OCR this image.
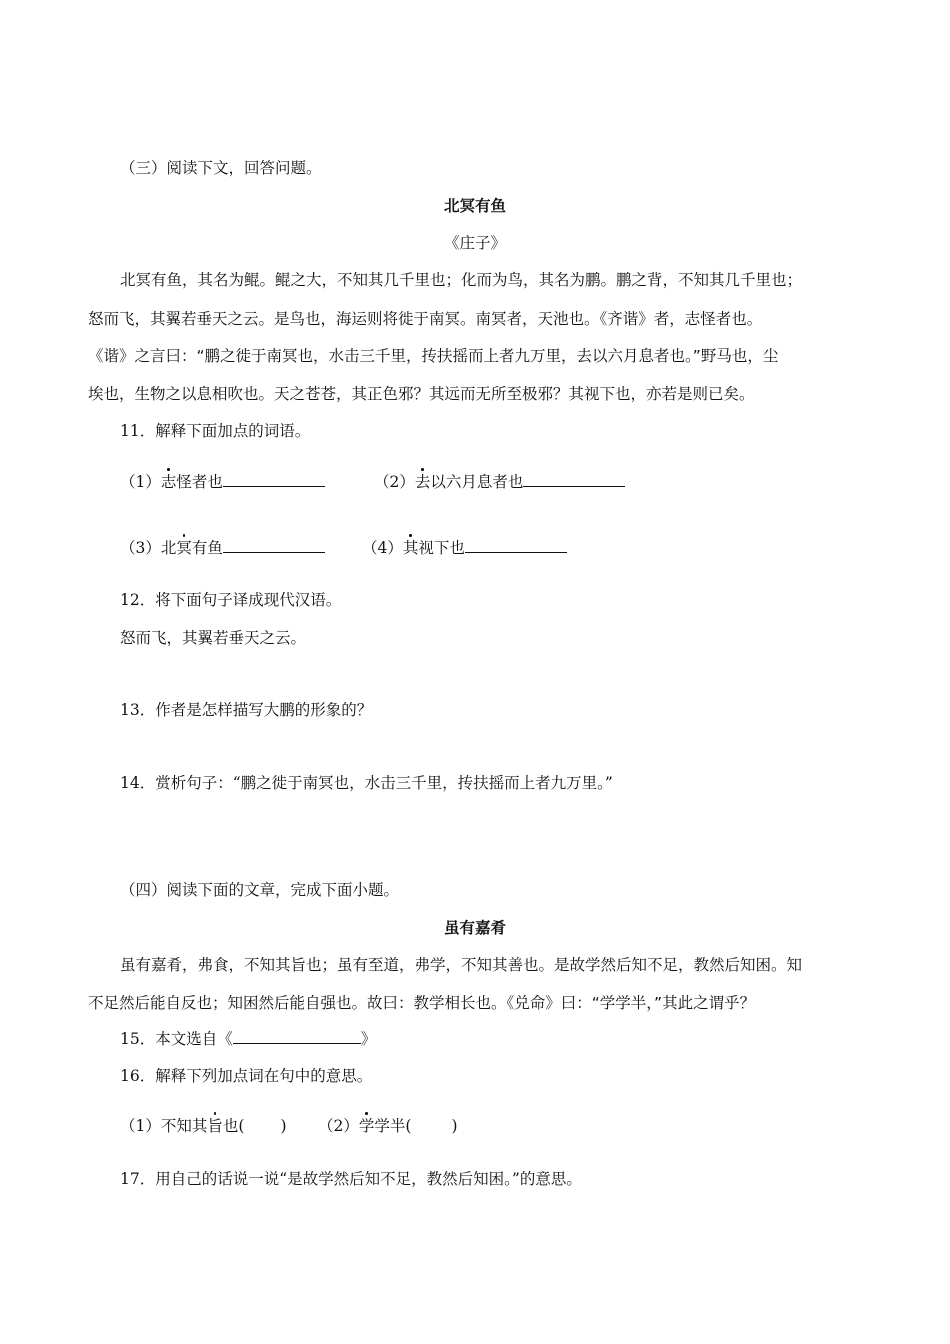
（三）阅读下文，回答问题。
北冥有鱼
《庄子》
北冥有鱼，其名为鲲。鲲之大，不知其几千里也；化而为鸟，其名为鹏。鹏之背，不知其几千里也；
怒而飞，其翼若垂天之云。是鸟也，海运则将徙于南冥。南冥者，天池也。《齐谐》者，志怪者也。
《谐》之言曰：“鹏之徙于南冥也，水击三千里，抟扶摇而上者九万里，去以六月息者也。”野马也，尘
埃也，生物之以息相吹也。天之苍苍，其正色邪？其远而无所至极邪？其视下也，亦若是则已矣。
11．解释下面加点的词语。
（1）志怪者也	（2）去以六月息者也
（3）北冥有鱼	（4）其视下也
12．将下面句子译成现代汉语。
怒而飞，其翼若垂天之云。
13．作者是怎样描写大鹏的形象的？
14．赏析句子：“鹏之徙于南冥也，水击三千里，抟扶摇而上者九万里。”
（四）阅读下面的文章，完成下面小题。
虽有嘉肴
虽有嘉肴，弗食，不知其旨也；虽有至道，弗学，不知其善也。是故学然后知不足，教然后知困。知
不足然后能自反也；知困然后能自强也。故曰：教学相长也。《兑命》曰：“学学半，”其此之谓乎？
15．本文选自《	》
16．解释下列加点词在句中的意思。
（1）不知其旨也( ) （2）学学半(	)
17．用自己的话说一说“是故学然后知不足，教然后知困。”的意思。
